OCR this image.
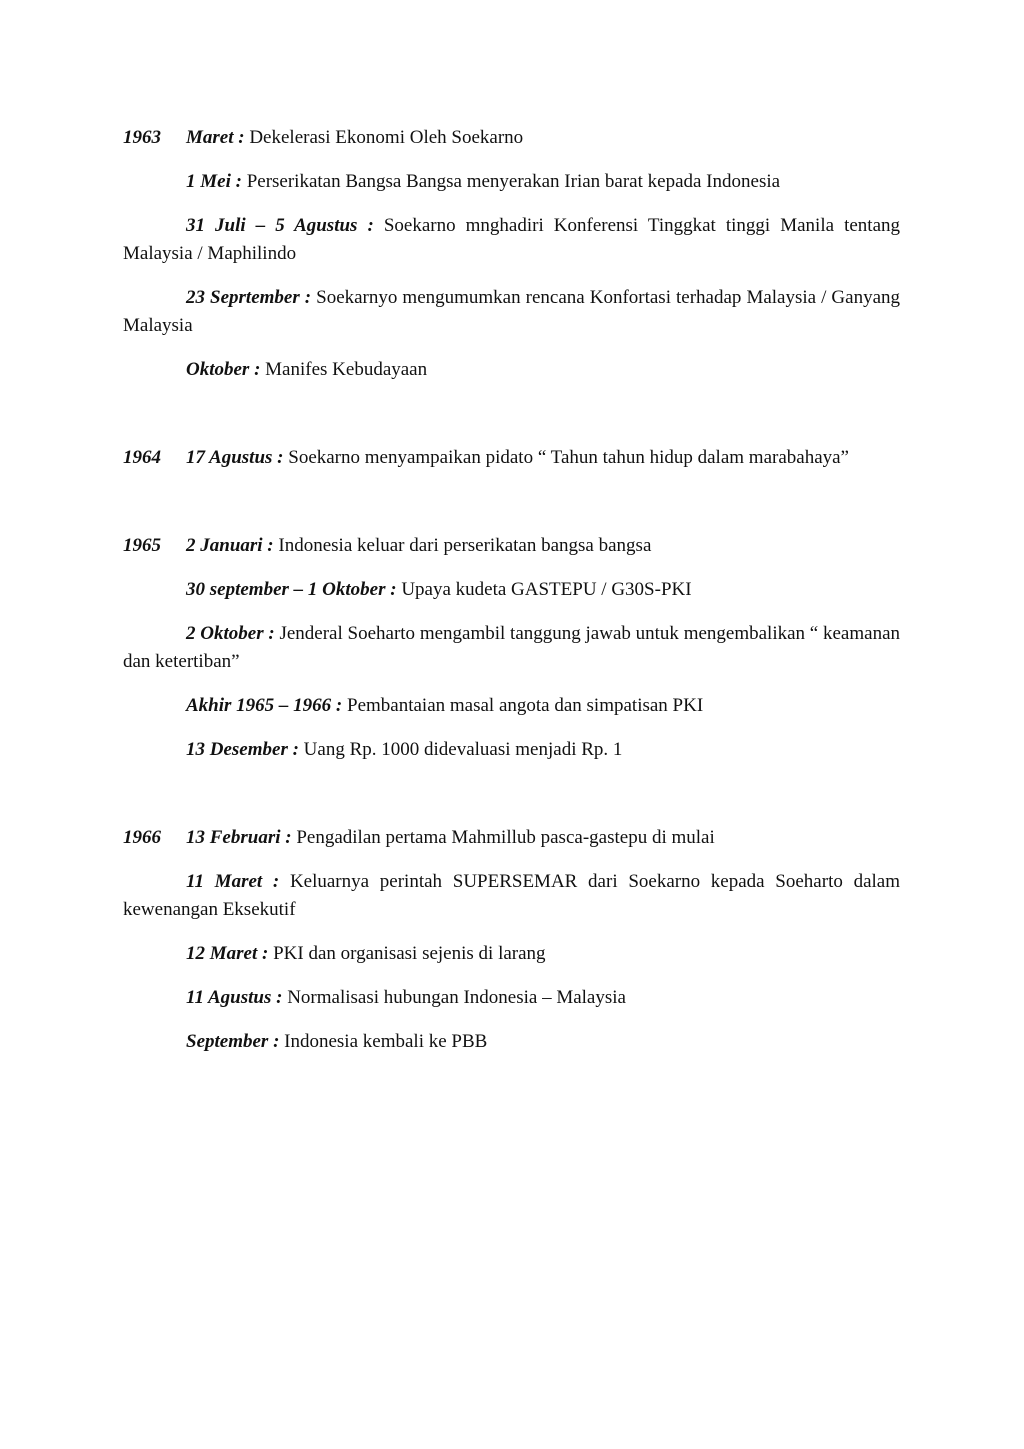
1963 Maret : Dekelerasi Ekonomi Oleh Soekarno

1 Mei : Perserikatan Bangsa Bangsa menyerakan Irian barat kepada Indonesia

31 Juli – 5 Agustus : Soekarno mnghadiri Konferensi Tinggkat tinggi Manila tentang Malaysia / Maphilindo

23 Seprtember : Soekarnyo mengumumkan rencana Konfortasi terhadap Malaysia / Ganyang Malaysia

Oktober : Manifes Kebudayaan

1964 17 Agustus : Soekarno menyampaikan pidato “ Tahun tahun hidup dalam marabahaya”

1965 2 Januari : Indonesia keluar dari perserikatan bangsa bangsa

30 september – 1 Oktober : Upaya kudeta GASTEPU / G30S-PKI

2 Oktober : Jenderal Soeharto mengambil tanggung jawab untuk mengembalikan “ keamanan dan ketertiban”

Akhir 1965 – 1966 : Pembantaian masal angota dan simpatisan PKI

13 Desember : Uang Rp. 1000 didevaluasi menjadi Rp. 1

1966 13 Februari : Pengadilan pertama Mahmillub pasca-gastepu di mulai

11 Maret : Keluarnya perintah SUPERSEMAR dari Soekarno kepada Soeharto dalam kewenangan Eksekutif

12 Maret : PKI dan organisasi sejenis di larang

11 Agustus : Normalisasi hubungan Indonesia – Malaysia

September : Indonesia kembali ke PBB
